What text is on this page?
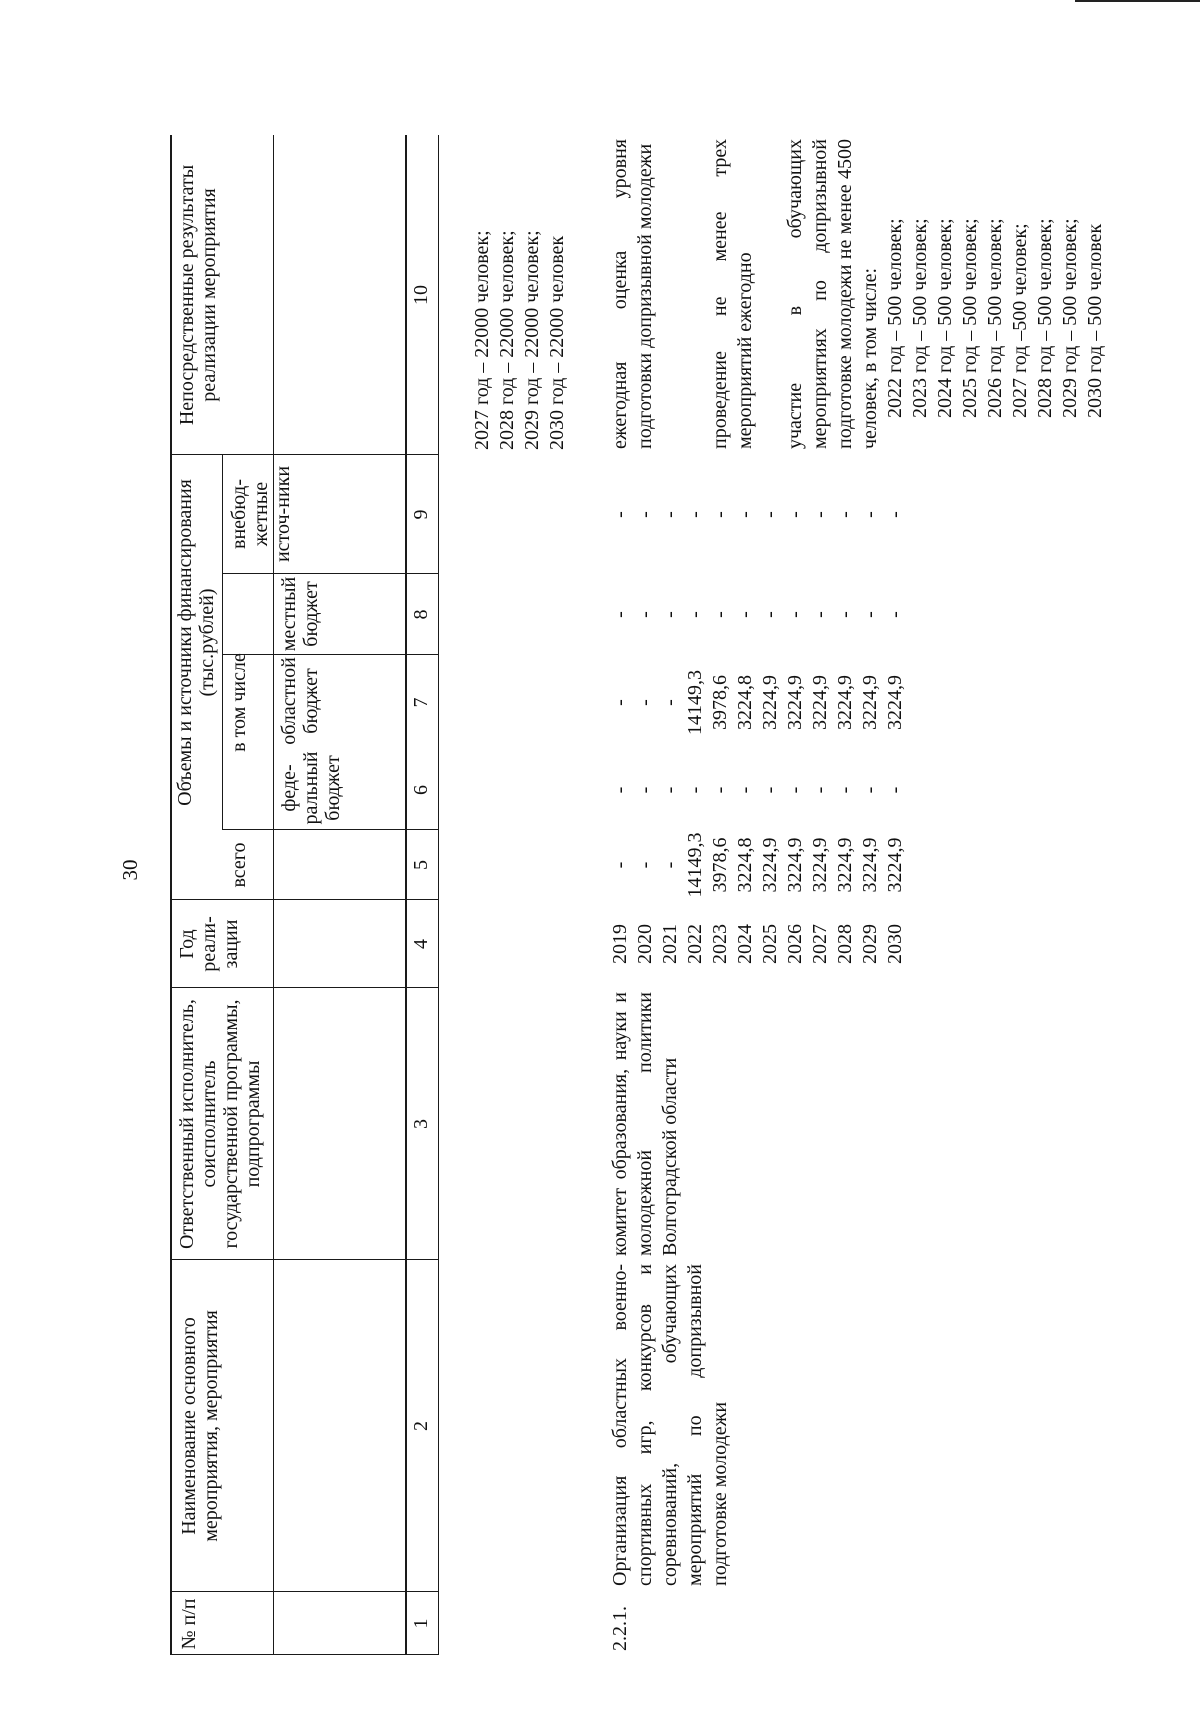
30
№ п/п
Наименование основного мероприятия, мероприятия
Ответственный исполнитель, соисполнитель государственной программы, подпрограммы
Год реали-зации
Объемы и источники финансирования (тыс.рублей)
всего
в том числе
феде-ральный бюджет
областной бюджет
местный бюджет
внебюд-жетные источ-ники
Непосредственные результаты реализации мероприятия
1
2
3
4
5
6
7
8
9
10 2027 год – 22000 человек; 2028 год – 22000 человек; 2029 год – 22000 человек; 2030 год – 22000 человек
2.2.1.
Организация областных военно-спортивных игр, конкурсов и соревнований, обучающих мероприятий по допризывной подготовке молодежи
комитет образования, науки и молодежной политики Волгоградской области
2019 2020 2021 2022 2023 2024 2025 2026 2027 2028 2029 2030
- - - 14149,3 3978,6 3224,8 3224,9 3224,9 3224,9 3224,9 3224,9 3224,9
- - - - - - - - - - - -
- - - 14149,3 3978,6 3224,8 3224,9 3224,9 3224,9 3224,9 3224,9 3224,9
- - - - - - - - - - - -
- - - - - - - - - - - -
ежегодная оценка уровня подготовки допризывной молодежи	проведение не менее трех мероприятий ежегодно участие в обучающих мероприятиях по допризывной подготовке молодежи не менее 4500 человек, в том числе: 2022 год – 500 человек; 2023 год – 500 человек; 2024 год – 500 человек; 2025 год – 500 человек; 2026 год – 500 человек; 2027 год –500 человек; 2028 год – 500 человек; 2029 год – 500 человек; 2030 год – 500 человек
